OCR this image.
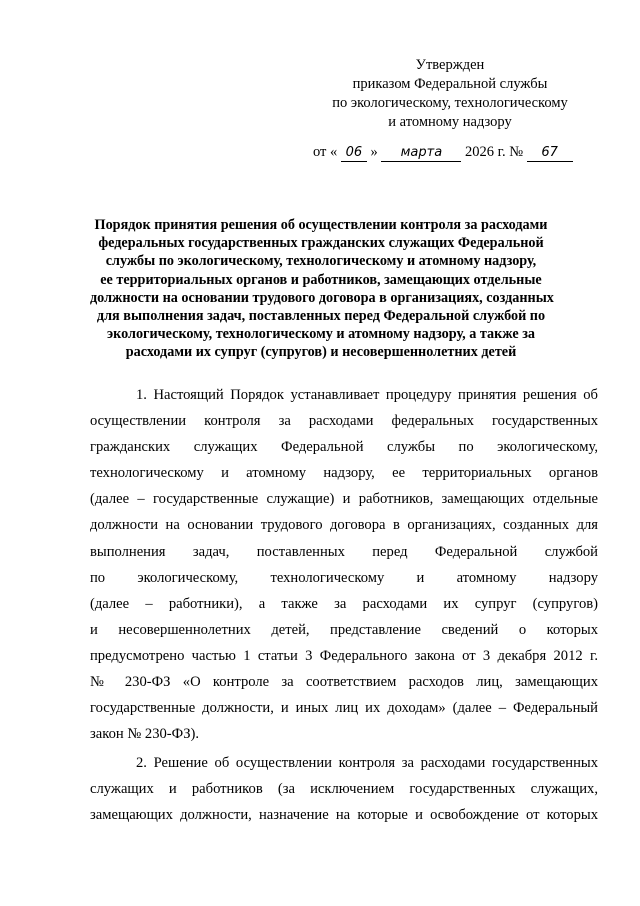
Утвержден
приказом Федеральной службы
по экологическому, технологическому
и атомному надзору
от « 06 » марта 2026 г. № 67
Порядок принятия решения об осуществлении контроля за расходами
федеральных государственных гражданских служащих Федеральной
службы по экологическому, технологическому и атомному надзору,
ее территориальных органов и работников, замещающих отдельные
должности на основании трудового договора в организациях, созданных
для выполнения задач, поставленных перед Федеральной службой по
экологическому, технологическому и атомному надзору, а также за
расходами их супруг (супругов) и несовершеннолетних детей
1. Настоящий Порядок устанавливает процедуру принятия решения об
осуществлении контроля за расходами федеральных государственных
гражданских служащих Федеральной службы по экологическому,
технологическому и атомному надзору, ее территориальных органов
(далее – государственные служащие) и работников, замещающих отдельные
должности на основании трудового договора в организациях, созданных для
выполнения задач, поставленных перед Федеральной службой
по экологическому, технологическому и атомному надзору
(далее – работники), а также за расходами их супруг (супругов)
и несовершеннолетних детей, представление сведений о которых
предусмотрено частью 1 статьи 3 Федерального закона от 3 декабря 2012 г.
№ 230-ФЗ «О контроле за соответствием расходов лиц, замещающих
государственные должности, и иных лиц их доходам» (далее – Федеральный
закон № 230-ФЗ).
2. Решение об осуществлении контроля за расходами государственных
служащих и работников (за исключением государственных служащих,
замещающих должности, назначение на которые и освобождение от которых
